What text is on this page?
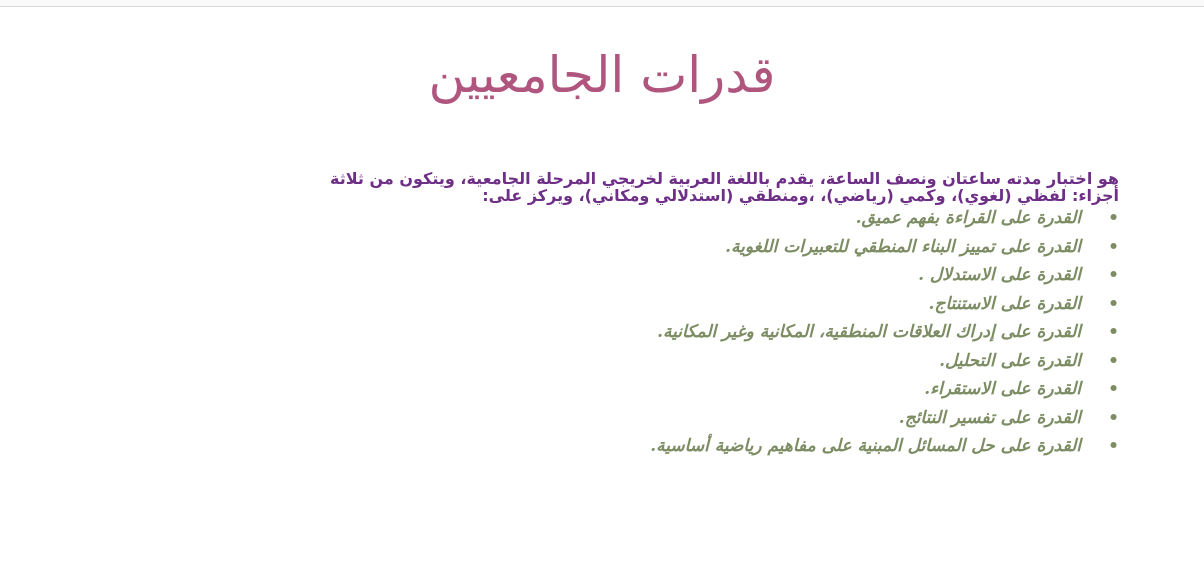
قدرات الجامعيين

هو اختبار مدته ساعتان ونصف الساعة، يقدم باللغة العربية لخريجي المرحلة الجامعية، ويتكون من ثلاثة أجزاء: لفظي (لغوي)، وكمي (رياضي)، ،ومنطقي (استدلالي ومكاني)، ويركز على:

•
القدرة على القراءة بفهم عميق.
•
القدرة على تمييز البناء المنطقي للتعبيرات اللغوية.
•
القدرة على الاستدلال .
•
القدرة على الاستنتاج.
•
القدرة على إدراك العلاقات المنطقية، المكانية وغير المكانية.
•
القدرة على التحليل.
•
القدرة على الاستقراء.
•
القدرة على تفسير النتائج.
•
القدرة على حل المسائل المبنية على مفاهيم رياضية أساسية.
